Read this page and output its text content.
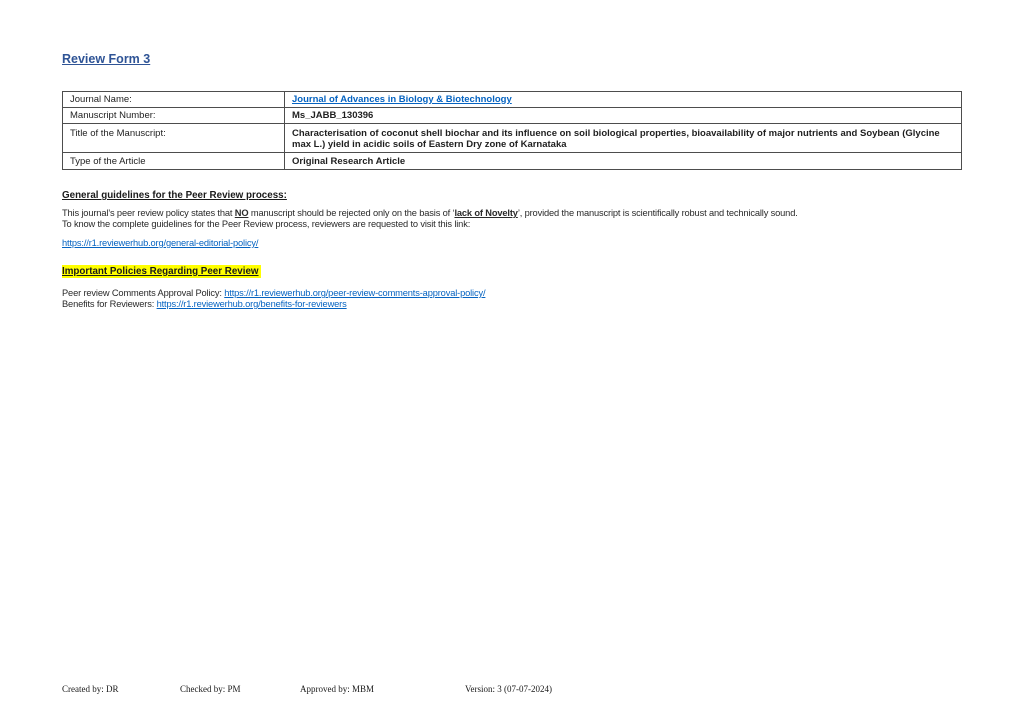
Review Form 3
Journal Name:	Journal of Advances in Biology & Biotechnology
Manuscript Number:	Ms_JABB_130396
Title of the Manuscript:	Characterisation of coconut shell biochar and its influence on soil biological properties, bioavailability of major nutrients and Soybean (Glycine max L.) yield in acidic soils of Eastern Dry zone of Karnataka
Type of the Article	Original Research Article
General guidelines for the Peer Review process:
This journal’s peer review policy states that NO manuscript should be rejected only on the basis of ‘lack of Novelty’, provided the manuscript is scientifically robust and technically sound.
To know the complete guidelines for the Peer Review process, reviewers are requested to visit this link:
https://r1.reviewerhub.org/general-editorial-policy/
Important Policies Regarding Peer Review
Peer review Comments Approval Policy: https://r1.reviewerhub.org/peer-review-comments-approval-policy/
Benefits for Reviewers: https://r1.reviewerhub.org/benefits-for-reviewers
Created by: DR	Checked by: PM	Approved by: MBM	Version: 3 (07-07-2024)
